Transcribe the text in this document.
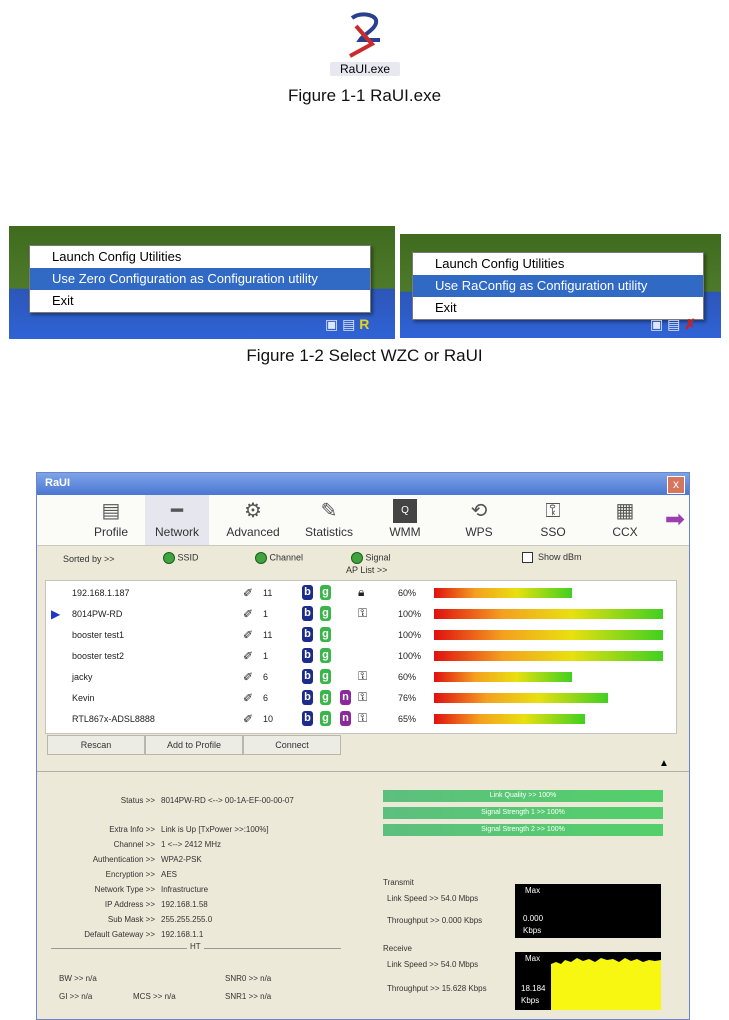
RaUI.exe
Figure 1-1 RaUI.exe
Launch Config Utilities
Use Zero Configuration as Configuration utility
Exit
▣ ▤ R
Launch Config Utilities
Use RaConfig as Configuration utility
Exit
▣ ▤ ✗
Figure 1-2 Select WZC or RaUI
RaUI	x
▤
Profile
━
Network
⚙
Advanced
✎
Statistics
Q
WMM
⟲
WPS
⚿
SSO
▦
CCX	➡
Sorted by >>	SSID	Channel	Signal
AP List >>
Show dBm
192.168.1.187	✐ 11	b g 🔒︎	60%
▶ 8014PW-RD	✐ 1	b g ⚿	100%
booster test1	✐ 11	b g	100%
booster test2	✐ 1	b g	100%
jacky	✐ 6	b g ⚿	60%
Kevin	✐ 6	b g n ⚿	76%
RTL867x-ADSL8888	✐ 10	b g n ⚿	65%
Rescan	Add to Profile	Connect
▲
Status >> 8014PW-RD <--> 00-1A-EF-00-00-07
Extra Info >> Link is Up [TxPower >>:100%]
Channel >> 1 <--> 2412 MHz
Authentication >> WPA2-PSK
Encryption >> AES
Network Type >> Infrastructure
IP Address >> 192.168.1.58
Sub Mask >> 255.255.255.0
Default Gateway >> 192.168.1.1
HT
BW >> n/a
GI >> n/a	MCS >> n/a
SNR0 >> n/a
SNR1 >> n/a
Link Quality >> 100%
Signal Strength 1 >> 100%
Signal Strength 2 >> 100%
Transmit
Link Speed >> 54.0 Mbps
Throughput >> 0.000 Kbps
Max
0.000
Kbps
Receive
Link Speed >> 54.0 Mbps
Throughput >> 15.628 Kbps
Max
18.184
Kbps
